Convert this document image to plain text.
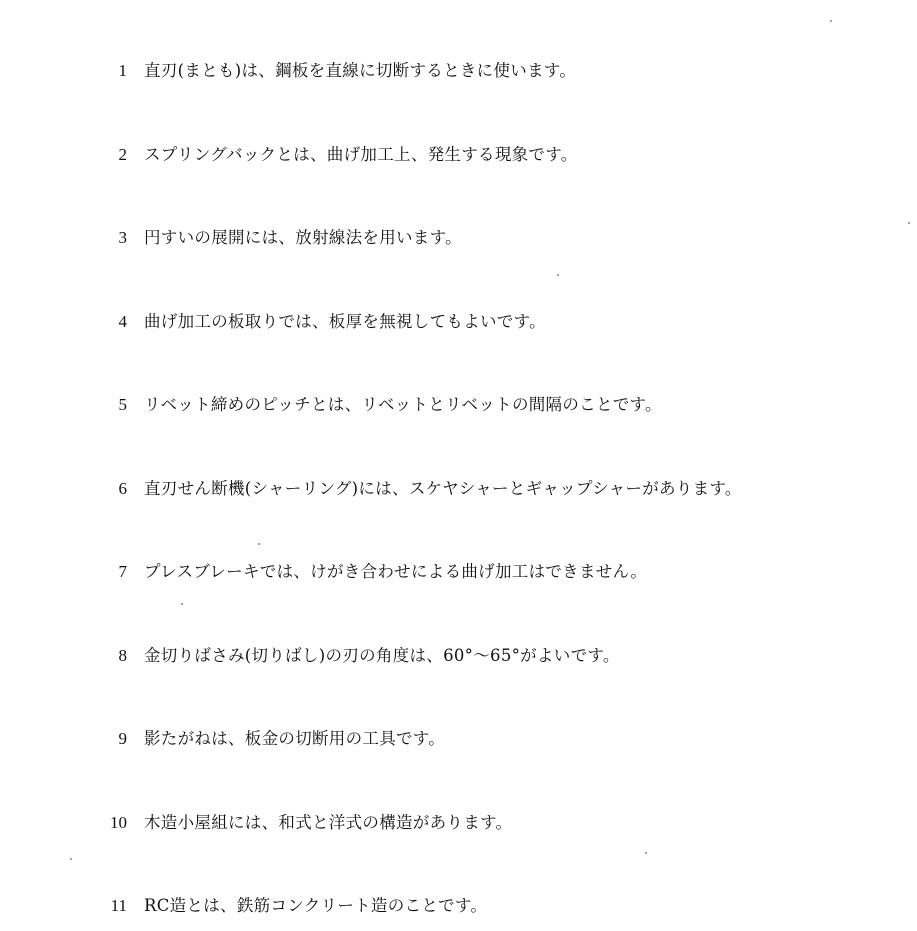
1 直刃(まとも)は、鋼板を直線に切断するときに使います。
2 スプリングバックとは、曲げ加工上、発生する現象です。
3 円すいの展開には、放射線法を用います。
4 曲げ加工の板取りでは、板厚を無視してもよいです。
5 リベット締めのピッチとは、リベットとリベットの間隔のことです。
6 直刃せん断機(シャーリング)には、スケヤシャーとギャップシャーがあります。
7 プレスブレーキでは、けがき合わせによる曲げ加工はできません。
8 金切りばさみ(切りばし)の刃の角度は、60°～65°がよいです。
9 影たがねは、板金の切断用の工具です。
10 木造小屋組には、和式と洋式の構造があります。
11 RC造とは、鉄筋コンクリート造のことです。
